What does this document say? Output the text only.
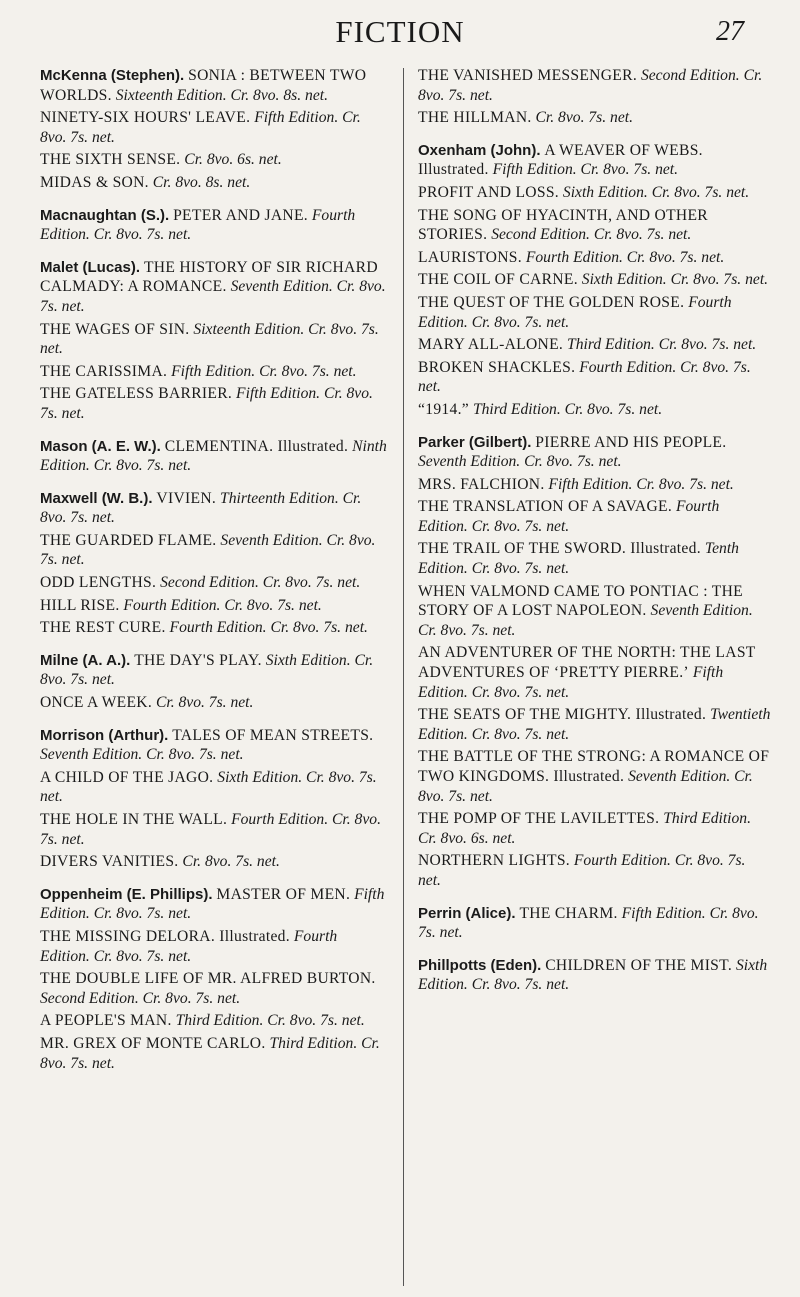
FICTION	27
McKenna (Stephen). SONIA : BETWEEN TWO WORLDS. Sixteenth Edition. Cr. 8vo. 8s. net.
NINETY-SIX HOURS' LEAVE. Fifth Edition. Cr. 8vo. 7s. net.
THE SIXTH SENSE. Cr. 8vo. 6s. net.
MIDAS & SON. Cr. 8vo. 8s. net.
Macnaughtan (S.). PETER AND JANE. Fourth Edition. Cr. 8vo. 7s. net.
Malet (Lucas). THE HISTORY OF SIR RICHARD CALMADY: A ROMANCE. Seventh Edition. Cr. 8vo. 7s. net.
THE WAGES OF SIN. Sixteenth Edition. Cr. 8vo. 7s. net.
THE CARISSIMA. Fifth Edition. Cr. 8vo. 7s. net.
THE GATELESS BARRIER. Fifth Edition. Cr. 8vo. 7s. net.
Mason (A. E. W.). CLEMENTINA. Illustrated. Ninth Edition. Cr. 8vo. 7s. net.
Maxwell (W. B.). VIVIEN. Thirteenth Edition. Cr. 8vo. 7s. net.
THE GUARDED FLAME. Seventh Edition. Cr. 8vo. 7s. net.
ODD LENGTHS. Second Edition. Cr. 8vo. 7s. net.
HILL RISE. Fourth Edition. Cr. 8vo. 7s. net.
THE REST CURE. Fourth Edition. Cr. 8vo. 7s. net.
Milne (A. A.). THE DAY'S PLAY. Sixth Edition. Cr. 8vo. 7s. net.
ONCE A WEEK. Cr. 8vo. 7s. net.
Morrison (Arthur). TALES OF MEAN STREETS. Seventh Edition. Cr. 8vo. 7s. net.
A CHILD OF THE JAGO. Sixth Edition. Cr. 8vo. 7s. net.
THE HOLE IN THE WALL. Fourth Edition. Cr. 8vo. 7s. net.
DIVERS VANITIES. Cr. 8vo. 7s. net.
Oppenheim (E. Phillips). MASTER OF MEN. Fifth Edition. Cr. 8vo. 7s. net.
THE MISSING DELORA. Illustrated. Fourth Edition. Cr. 8vo. 7s. net.
THE DOUBLE LIFE OF MR. ALFRED BURTON. Second Edition. Cr. 8vo. 7s. net.
A PEOPLE'S MAN. Third Edition. Cr. 8vo. 7s. net.
MR. GREX OF MONTE CARLO. Third Edition. Cr. 8vo. 7s. net.
THE VANISHED MESSENGER. Second Edition. Cr. 8vo. 7s. net.
THE HILLMAN. Cr. 8vo. 7s. net.
Oxenham (John). A WEAVER OF WEBS. Illustrated. Fifth Edition. Cr. 8vo. 7s. net.
PROFIT AND LOSS. Sixth Edition. Cr. 8vo. 7s. net.
THE SONG OF HYACINTH, AND OTHER STORIES. Second Edition. Cr. 8vo. 7s. net.
LAURISTONS. Fourth Edition. Cr. 8vo. 7s. net.
THE COIL OF CARNE. Sixth Edition. Cr. 8vo. 7s. net.
THE QUEST OF THE GOLDEN ROSE. Fourth Edition. Cr. 8vo. 7s. net.
MARY ALL-ALONE. Third Edition. Cr. 8vo. 7s. net.
BROKEN SHACKLES. Fourth Edition. Cr. 8vo. 7s. net.
“1914.” Third Edition. Cr. 8vo. 7s. net.
Parker (Gilbert). PIERRE AND HIS PEOPLE. Seventh Edition. Cr. 8vo. 7s. net.
MRS. FALCHION. Fifth Edition. Cr. 8vo. 7s. net.
THE TRANSLATION OF A SAVAGE. Fourth Edition. Cr. 8vo. 7s. net.
THE TRAIL OF THE SWORD. Illustrated. Tenth Edition. Cr. 8vo. 7s. net.
WHEN VALMOND CAME TO PONTIAC : THE STORY OF A LOST NAPOLEON. Seventh Edition. Cr. 8vo. 7s. net.
AN ADVENTURER OF THE NORTH: THE LAST ADVENTURES OF ‘PRETTY PIERRE.’ Fifth Edition. Cr. 8vo. 7s. net.
THE SEATS OF THE MIGHTY. Illustrated. Twentieth Edition. Cr. 8vo. 7s. net.
THE BATTLE OF THE STRONG: A ROMANCE OF TWO KINGDOMS. Illustrated. Seventh Edition. Cr. 8vo. 7s. net.
THE POMP OF THE LAVILETTES. Third Edition. Cr. 8vo. 6s. net.
NORTHERN LIGHTS. Fourth Edition. Cr. 8vo. 7s. net.
Perrin (Alice). THE CHARM. Fifth Edition. Cr. 8vo. 7s. net.
Phillpotts (Eden). CHILDREN OF THE MIST. Sixth Edition. Cr. 8vo. 7s. net.
